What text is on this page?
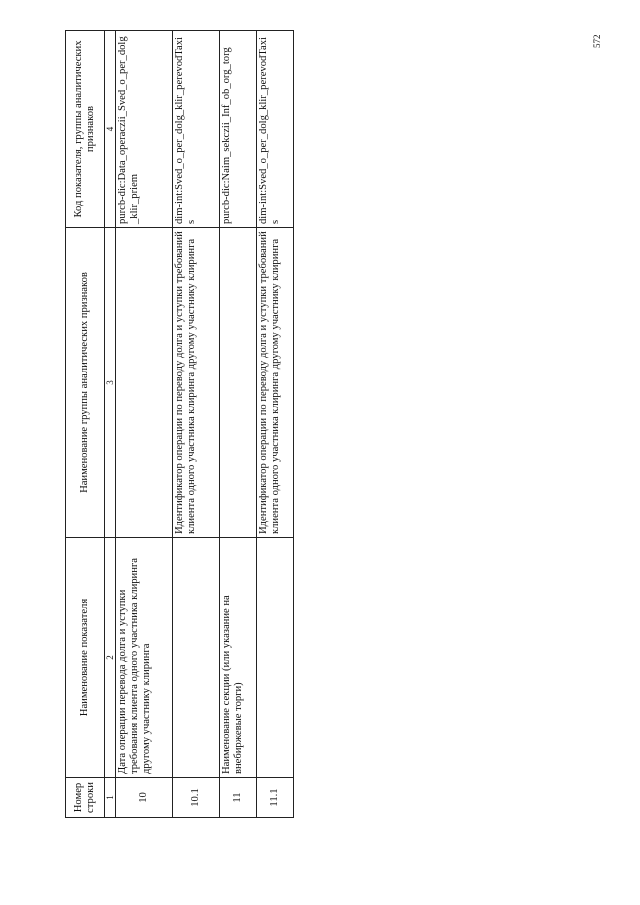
572
Номер строки	Наименование показателя	Наименование группы аналитических признаков	Код показателя, группы аналитических признаков
1	2	3	4
10	Дата операции перевода долга и уступки требования клиента одного участника клиринга другому участнику клиринга		purcb-dic:Data_operaczii_Sved_o_per_dolg_klir_priem
10.1		Идентификатор операции по переводу долга и уступки требований клиента одного участника клиринга другому участнику клиринга	dim-int:Sved_o_per_dolg_klir_perevodTaxis
11	Наименование секции (или указание на внебиржевые торги)		purcb-dic:Naim_sekczii_Inf_ob_org_torg
11.1		Идентификатор операции по переводу долга и уступки требований клиента одного участника клиринга другому участнику клиринга	dim-int:Sved_o_per_dolg_klir_perevodTaxis
